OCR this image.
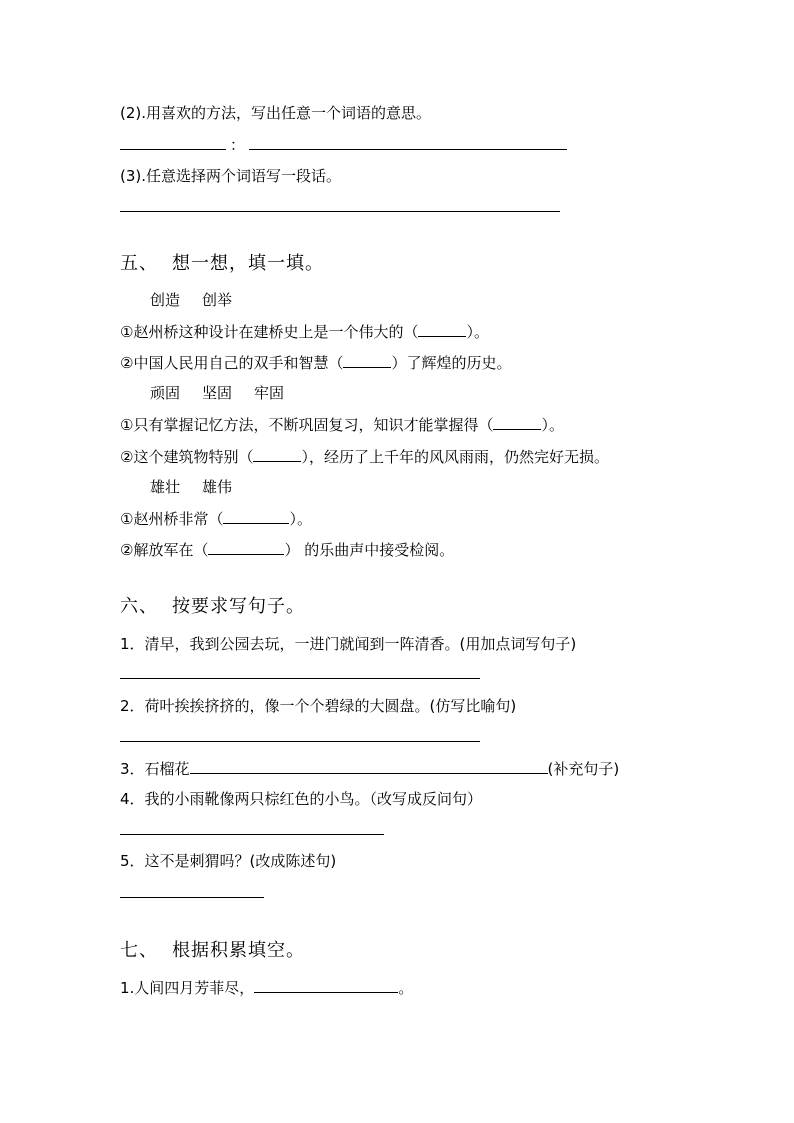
(2).用喜欢的方法，写出任意一个词语的意思。
：
(3).任意选择两个词语写一段话。
五、 想一想，填一填。
创造 创举
①赵州桥这种设计在建桥史上是一个伟大的（	）。
②中国人民用自己的双手和智慧（	）了辉煌的历史。
顽固 坚固 牢固
①只有掌握记忆方法，不断巩固复习，知识才能掌握得（	）。
②这个建筑物特别（	），经历了上千年的风风雨雨，仍然完好无损。
雄壮 雄伟
①赵州桥非常（	）。
②解放军在（	） 的乐曲声中接受检阅。
六、 按要求写句子。
1．清早，我到公园去玩，一进门就闻到一阵清香。(用加点词写句子)
2．荷叶挨挨挤挤的，像一个个碧绿的大圆盘。(仿写比喻句)
3．石榴花	(补充句子)
4．我的小雨靴像两只棕红色的小鸟。（改写成反问句）
5．这不是刺猬吗？(改成陈述句)
七、 根据积累填空。
1.人间四月芳菲尽，	。
